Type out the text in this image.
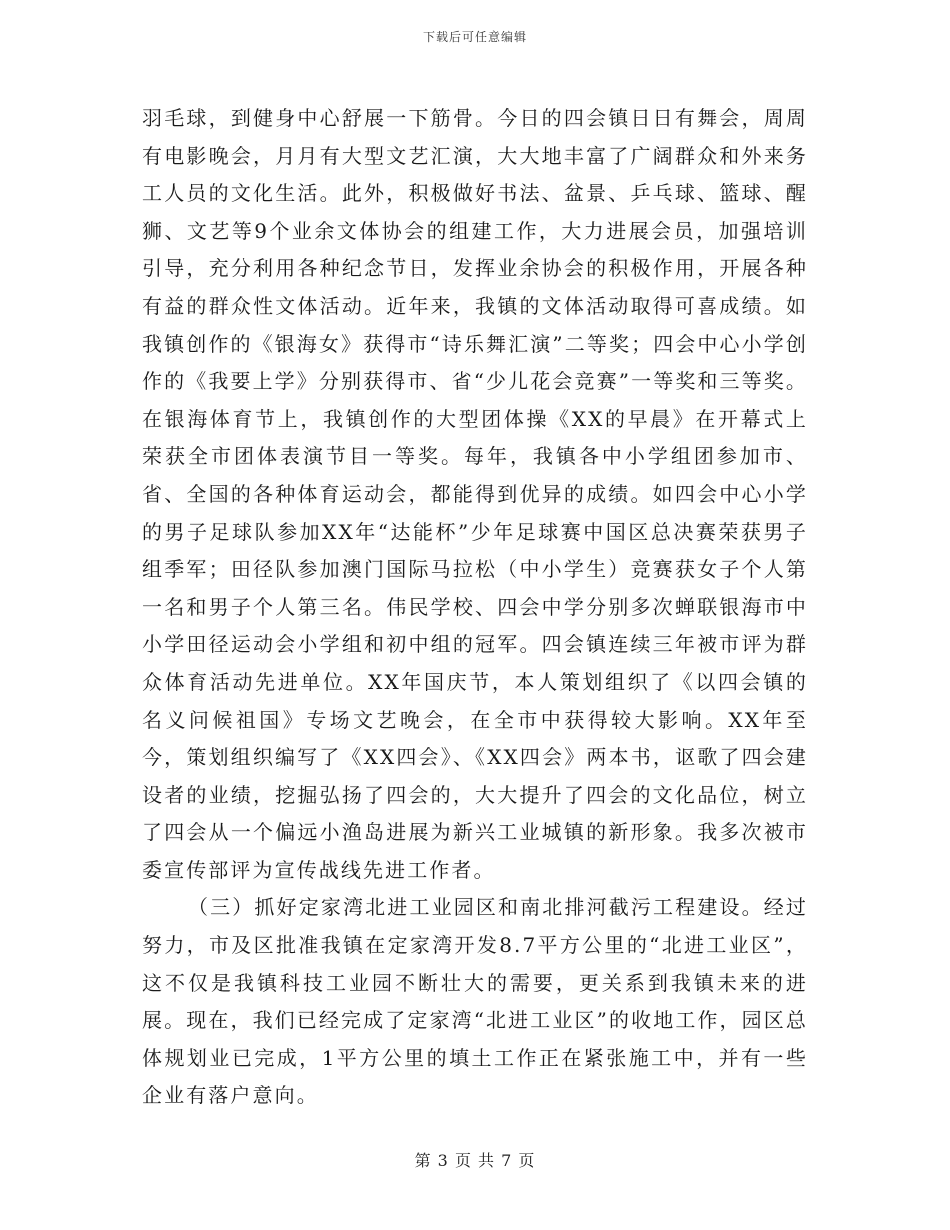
下载后可任意编辑

羽毛球，到健身中心舒展一下筋骨。今日的四会镇日日有舞会，周周有电影晚会，月月有大型文艺汇演，大大地丰富了广阔群众和外来务工人员的文化生活。此外，积极做好书法、盆景、乒乓球、篮球、醒狮、文艺等9个业余文体协会的组建工作，大力进展会员，加强培训引导，充分利用各种纪念节日，发挥业余协会的积极作用，开展各种有益的群众性文体活动。近年来，我镇的文体活动取得可喜成绩。如我镇创作的《银海女》获得市“诗乐舞汇演”二等奖；四会中心小学创作的《我要上学》分别获得市、省“少儿花会竞赛”一等奖和三等奖。在银海体育节上，我镇创作的大型团体操《XX的早晨》在开幕式上荣获全市团体表演节目一等奖。每年，我镇各中小学组团参加市、省、全国的各种体育运动会，都能得到优异的成绩。如四会中心小学的男子足球队参加XX年“达能杯”少年足球赛中国区总决赛荣获男子组季军；田径队参加澳门国际马拉松（中小学生）竞赛获女子个人第一名和男子个人第三名。伟民学校、四会中学分别多次蝉联银海市中小学田径运动会小学组和初中组的冠军。四会镇连续三年被市评为群众体育活动先进单位。XX年国庆节，本人策划组织了《以四会镇的名义问候祖国》专场文艺晚会，在全市中获得较大影响。XX年至今，策划组织编写了《XX四会》、《XX四会》两本书，讴歌了四会建设者的业绩，挖掘弘扬了四会的，大大提升了四会的文化品位，树立了四会从一个偏远小渔岛进展为新兴工业城镇的新形象。我多次被市委宣传部评为宣传战线先进工作者。

（三）抓好定家湾北进工业园区和南北排河截污工程建设。经过努力，市及区批准我镇在定家湾开发8.7平方公里的“北进工业区”，这不仅是我镇科技工业园不断壮大的需要，更关系到我镇未来的进展。现在，我们已经完成了定家湾“北进工业区”的收地工作，园区总体规划业已完成，1平方公里的填土工作正在紧张施工中，并有一些企业有落户意向。

第 3 页 共 7 页
